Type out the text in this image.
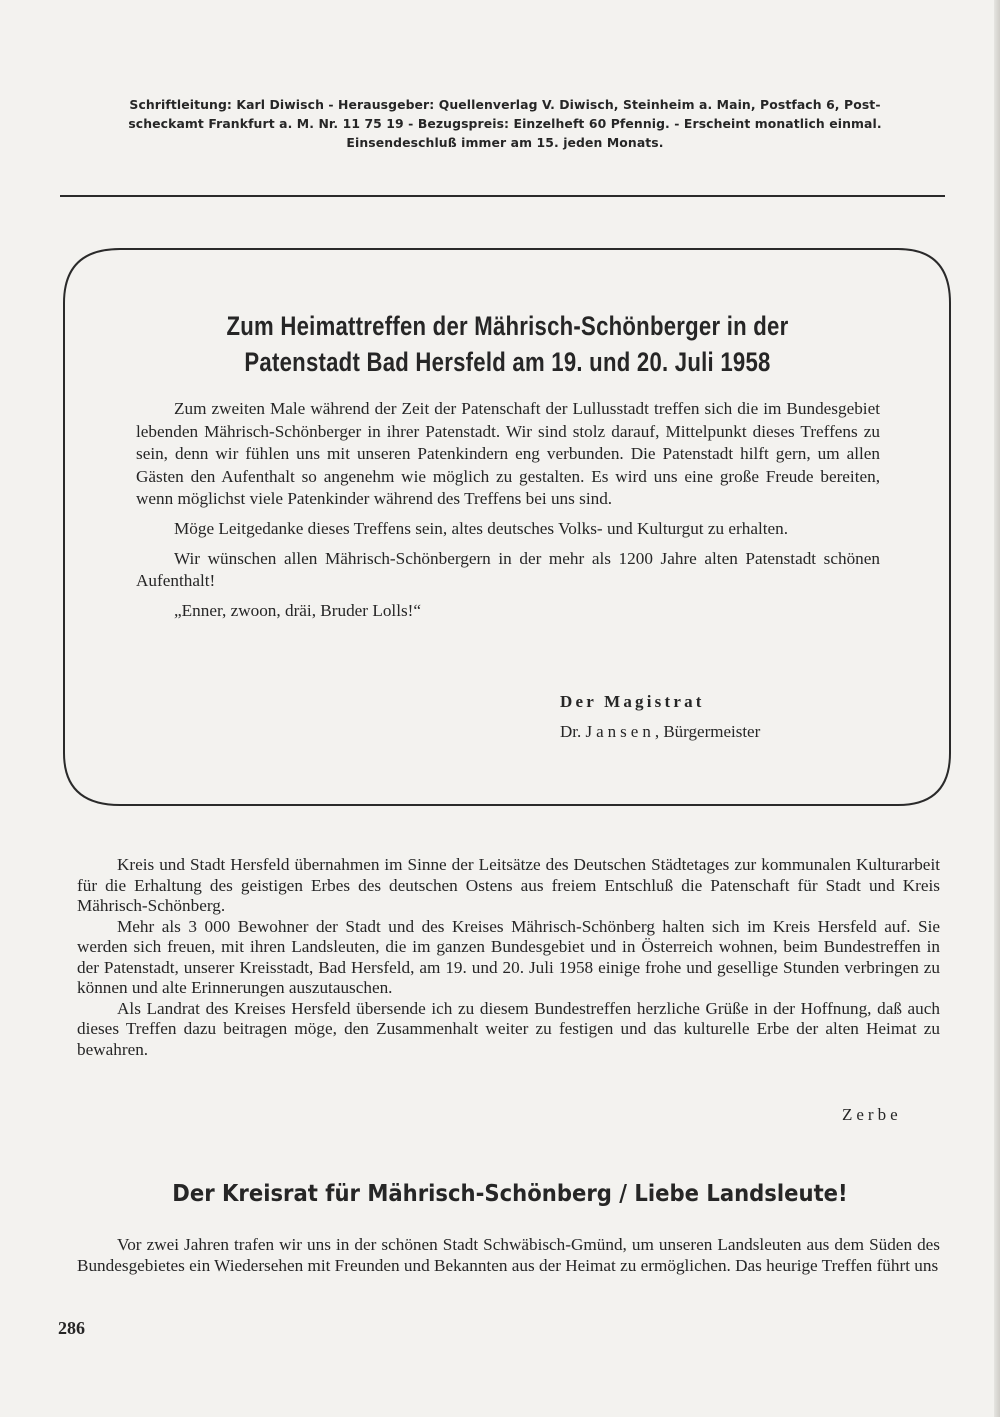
Schriftleitung: Karl Diwisch - Herausgeber: Quellenverlag V. Diwisch, Steinheim a. Main, Postfach 6, Post-
scheckamt Frankfurt a. M. Nr. 11 75 19 - Bezugspreis: Einzelheft 60 Pfennig. - Erscheint monatlich einmal.
Einsendeschluß immer am 15. jeden Monats.
Zum Heimattreffen der Mährisch-Schönberger in der
Patenstadt Bad Hersfeld am 19. und 20. Juli 1958

Zum zweiten Male während der Zeit der Patenschaft der Lullusstadt treffen sich die im Bundesgebiet lebenden Mährisch-Schönberger in ihrer Patenstadt. Wir sind stolz darauf, Mittelpunkt dieses Treffens zu sein, denn wir fühlen uns mit unseren Patenkindern eng verbunden. Die Patenstadt hilft gern, um allen Gästen den Aufenthalt so angenehm wie möglich zu gestalten. Es wird uns eine große Freude bereiten, wenn möglichst viele Patenkinder während des Treffens bei uns sind.

Möge Leitgedanke dieses Treffens sein, altes deutsches Volks- und Kulturgut zu erhalten.

Wir wünschen allen Mährisch-Schönbergern in der mehr als 1200 Jahre alten Patenstadt schönen Aufenthalt!

„Enner, zwoon, dräi, Bruder Lolls!“

Der Magistrat
Dr. Jansen, Bürgermeister

Kreis und Stadt Hersfeld übernahmen im Sinne der Leitsätze des Deutschen Städtetages zur kommunalen Kulturarbeit für die Erhaltung des geistigen Erbes des deutschen Ostens aus freiem Entschluß die Patenschaft für Stadt und Kreis Mährisch-Schönberg.

Mehr als 3 000 Bewohner der Stadt und des Kreises Mährisch-Schönberg halten sich im Kreis Hersfeld auf. Sie werden sich freuen, mit ihren Landsleuten, die im ganzen Bundesgebiet und in Österreich wohnen, beim Bundestreffen in der Patenstadt, unserer Kreisstadt, Bad Hersfeld, am 19. und 20. Juli 1958 einige frohe und gesellige Stunden verbringen zu können und alte Erinnerungen auszutauschen.

Als Landrat des Kreises Hersfeld übersende ich zu diesem Bundestreffen herzliche Grüße in der Hoffnung, daß auch dieses Treffen dazu beitragen möge, den Zusammenhalt weiter zu festigen und das kulturelle Erbe der alten Heimat zu bewahren.

Zerbe
Der Kreisrat für Mährisch-Schönberg / Liebe Landsleute!

Vor zwei Jahren trafen wir uns in der schönen Stadt Schwäbisch-Gmünd, um unseren Landsleuten aus dem Süden des Bundesgebietes ein Wiedersehen mit Freunden und Bekannten aus der Heimat zu ermöglichen. Das heurige Treffen führt uns

286
